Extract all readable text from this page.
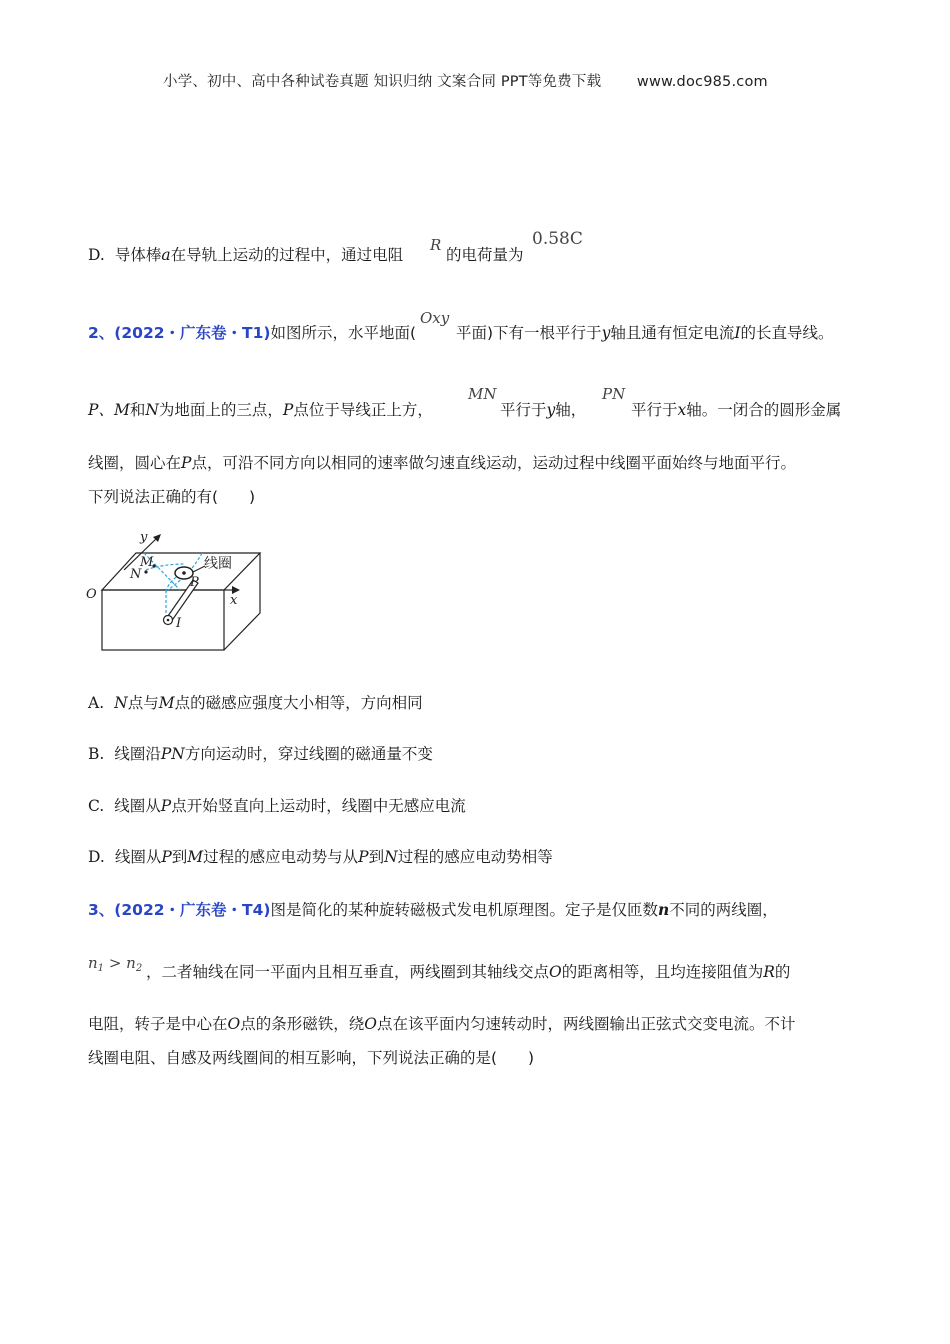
小学、初中、高中各种试卷真题 知识归纳 文案合同 PPT等免费下载 www.doc985.com
D. 导体棒a在导轨上运动的过程中，通过电阻
R
的电荷量为
0.58C
2、(2022・广东卷・T1)如图所示，水平地面(
Oxy
平面)下有一根平行于y轴且通有恒定电流I的长直导线。
P、M和N为地面上的三点，P点位于导线正上方，
MN
平行于y轴，
PN
平行于x轴。一闭合的圆形金属
线圈，圆心在P点，可沿不同方向以相同的速率做匀速直线运动，运动过程中线圈平面始终与地面平行。
下列说法正确的有(　　)
y
M
N
P
O	x
I
线圈
A. N点与M点的磁感应强度大小相等，方向相同
B. 线圈沿PN方向运动时，穿过线圈的磁通量不变
C. 线圈从P点开始竖直向上运动时，线圈中无感应电流
D. 线圈从P到M过程的感应电动势与从P到N过程的感应电动势相等
3、(2022・广东卷・T4)图是简化的某种旋转磁极式发电机原理图。定子是仅匝数n不同的两线圈，
$n_1 > n_2$ ，二者轴线在同一平面内且相互垂直，两线圈到其轴线交点O的距离相等，且均连接阻值为R的
电阻，转子是中心在O点的条形磁铁，绕O点在该平面内匀速转动时，两线圈输出正弦式交变电流。不计
线圈电阻、自感及两线圈间的相互影响，下列说法正确的是(　　)
